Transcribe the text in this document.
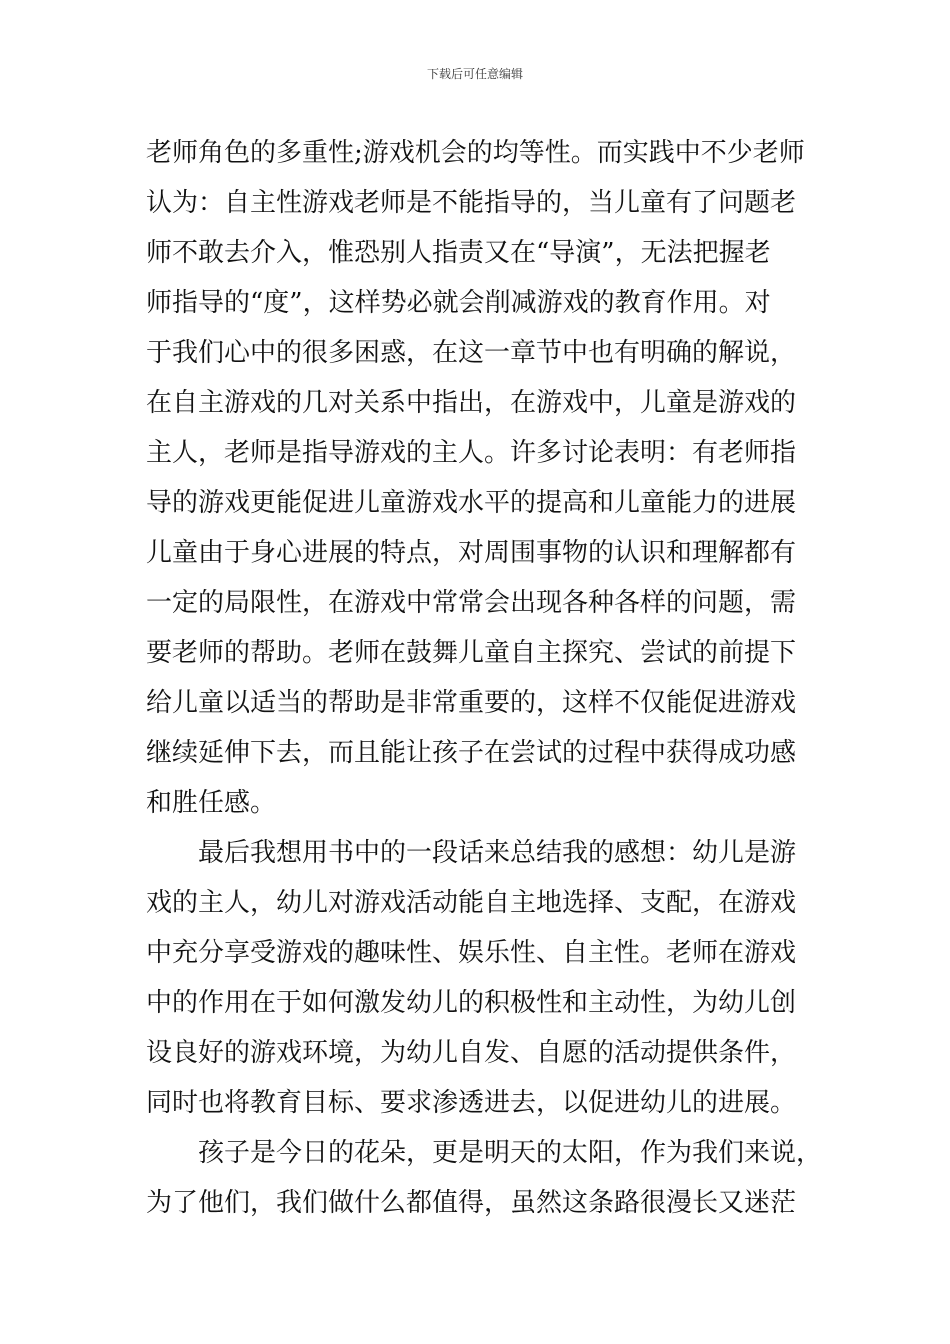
下载后可任意编辑
老师角色的多重性;游戏机会的均等性。而实践中不少老师
认为：自主性游戏老师是不能指导的，当儿童有了问题老
师不敢去介入，惟恐别人指责又在“导演”，无法把握老
师指导的“度”，这样势必就会削减游戏的教育作用。对
于我们心中的很多困惑，在这一章节中也有明确的解说，
在自主游戏的几对关系中指出，在游戏中，儿童是游戏的
主人，老师是指导游戏的主人。许多讨论表明：有老师指
导的游戏更能促进儿童游戏水平的提高和儿童能力的进展
儿童由于身心进展的特点，对周围事物的认识和理解都有
一定的局限性，在游戏中常常会出现各种各样的问题，需
要老师的帮助。老师在鼓舞儿童自主探究、尝试的前提下
给儿童以适当的帮助是非常重要的，这样不仅能促进游戏
继续延伸下去，而且能让孩子在尝试的过程中获得成功感
和胜任感。
　　最后我想用书中的一段话来总结我的感想：幼儿是游
戏的主人，幼儿对游戏活动能自主地选择、支配，在游戏
中充分享受游戏的趣味性、娱乐性、自主性。老师在游戏
中的作用在于如何激发幼儿的积极性和主动性，为幼儿创
设良好的游戏环境，为幼儿自发、自愿的活动提供条件，
同时也将教育目标、要求渗透进去，以促进幼儿的进展。
　　孩子是今日的花朵，更是明天的太阳，作为我们来说，
为了他们，我们做什么都值得，虽然这条路很漫长又迷茫
